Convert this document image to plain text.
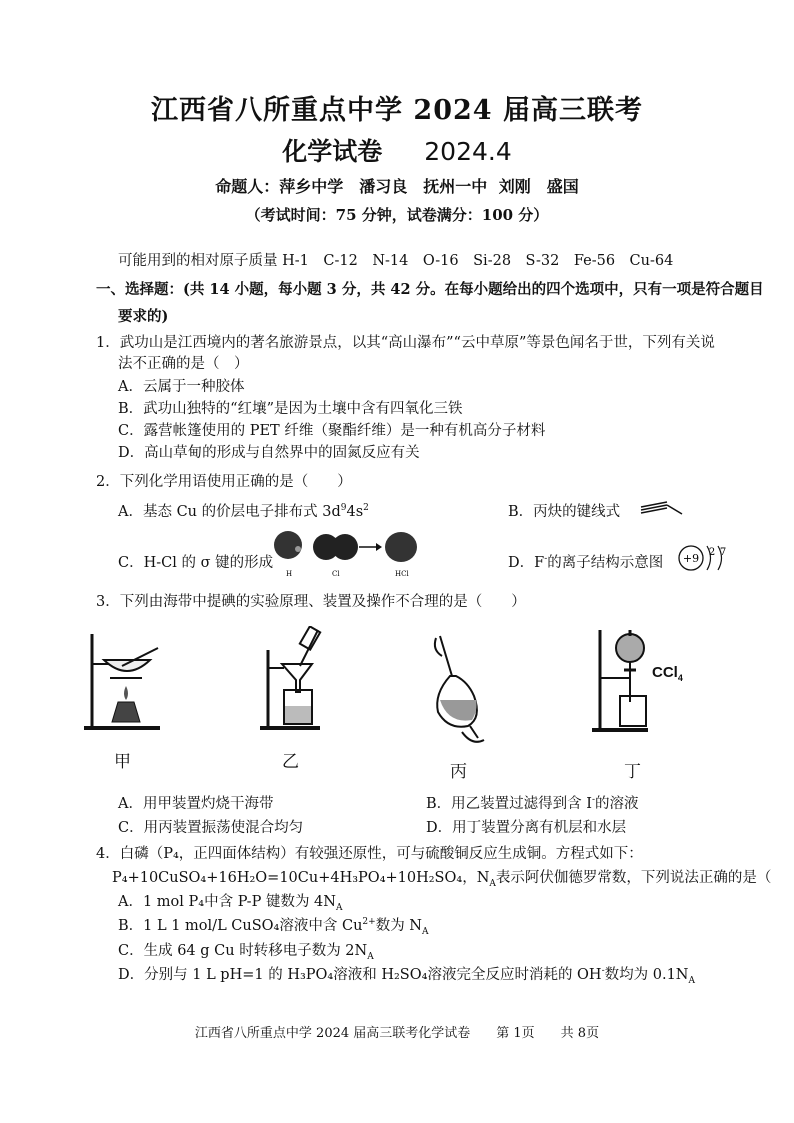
江西省八所重点中学 2024 届高三联考
化学试卷 2024.4
命题人：萍乡中学　潘习良　抚州一中 刘刚　盛国
（考试时间：75 分钟，试卷满分：100 分）
可能用到的相对原子质量 H-1　C-12　N-14　O-16　Si-28　S-32　Fe-56　Cu-64
一、选择题：(共 14 小题，每小题 3 分，共 42 分。在每小题给出的四个选项中，只有一项是符合题目
要求的)
1．武功山是江西境内的著名旅游景点，以其“高山瀑布”“云中草原”等景色闻名于世，下列有关说
法不正确的是（　）
A．云属于一种胶体
B．武功山独特的“红壤”是因为土壤中含有四氧化三铁
C．露营帐篷使用的 PET 纤维（聚酯纤维）是一种有机高分子材料
D．高山草甸的形成与自然界中的固氮反应有关
2．下列化学用语使用正确的是（　　）
A．基态 Cu 的价层电子排布式 $3d^94s^2$	B．丙炔的键线式
C．H-Cl 的 σ 键的形成
H	Cl	HCl
D．F-的离子结构示意图 +9 2 7
3．下列由海带中提碘的实验原理、装置及操作不合理的是（　　）
CCl$_4$
甲	乙	丙	丁
A．用甲装置灼烧干海带	B．用乙装置过滤得到含 I-的溶液
C．用丙装置振荡使混合均匀	D．用丁装置分离有机层和水层
4．白磷（P₄，正四面体结构）有较强还原性，可与硫酸铜反应生成铜。方程式如下：
P₄+10CuSO₄+16H₂O=10Cu+4H₃PO₄+10H₂SO₄，$N_A$表示阿伏伽德罗常数，下列说法正确的是（
A．1 mol P₄中含 P-P 键数为 $4N_A$
B．1 L 1 mol/L CuSO₄溶液中含 $Cu^{2+}$数为 $N_A$
C．生成 64 g Cu 时转移电子数为 $2N_A$
D．分别与 1 L pH=1 的 H₃PO₄溶液和 H₂SO₄溶液完全反应时消耗的 OH-数均为 $0.1N_A$
江西省八所重点中学 2024 届高三联考化学试卷　　第 1页　　共 8页
